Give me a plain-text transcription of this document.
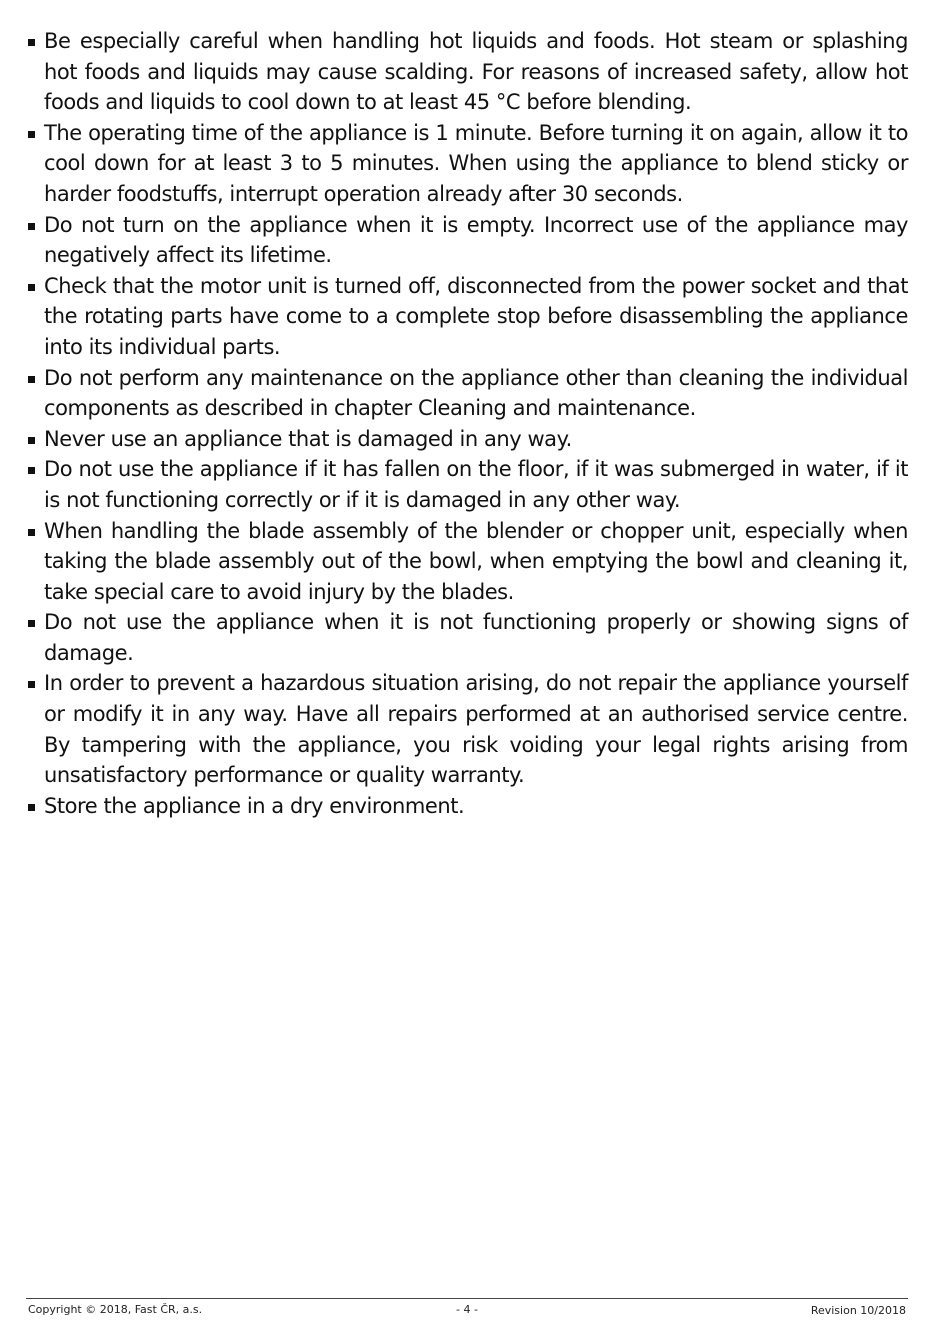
Be especially careful when handling hot liquids and foods. Hot steam or splashing hot foods and liquids may cause scalding. For reasons of increased safety, allow hot foods and liquids to cool down to at least 45 °C before blending.
The operating time of the appliance is 1 minute. Before turning it on again, allow it to cool down for at least 3 to 5 minutes. When using the appliance to blend sticky or harder foodstuffs, interrupt operation already after 30 seconds.
Do not turn on the appliance when it is empty. Incorrect use of the appliance may negatively affect its lifetime.
Check that the motor unit is turned off, disconnected from the power socket and that the rotating parts have come to a complete stop before disassembling the appliance into its individual parts.
Do not perform any maintenance on the appliance other than cleaning the individual components as described in chapter Cleaning and maintenance.
Never use an appliance that is damaged in any way.
Do not use the appliance if it has fallen on the floor, if it was submerged in water, if it is not functioning correctly or if it is damaged in any other way.
When handling the blade assembly of the blender or chopper unit, especially when taking the blade assembly out of the bowl, when emptying the bowl and cleaning it, take special care to avoid injury by the blades.
Do not use the appliance when it is not functioning properly or showing signs of damage.
In order to prevent a hazardous situation arising, do not repair the appliance yourself or modify it in any way. Have all repairs performed at an authorised service centre. By tampering with the appliance, you risk voiding your legal rights arising from unsatisfactory performance or quality warranty.
Store the appliance in a dry environment.
Copyright © 2018, Fast ČR, a.s.	- 4 -	Revision 10/2018
